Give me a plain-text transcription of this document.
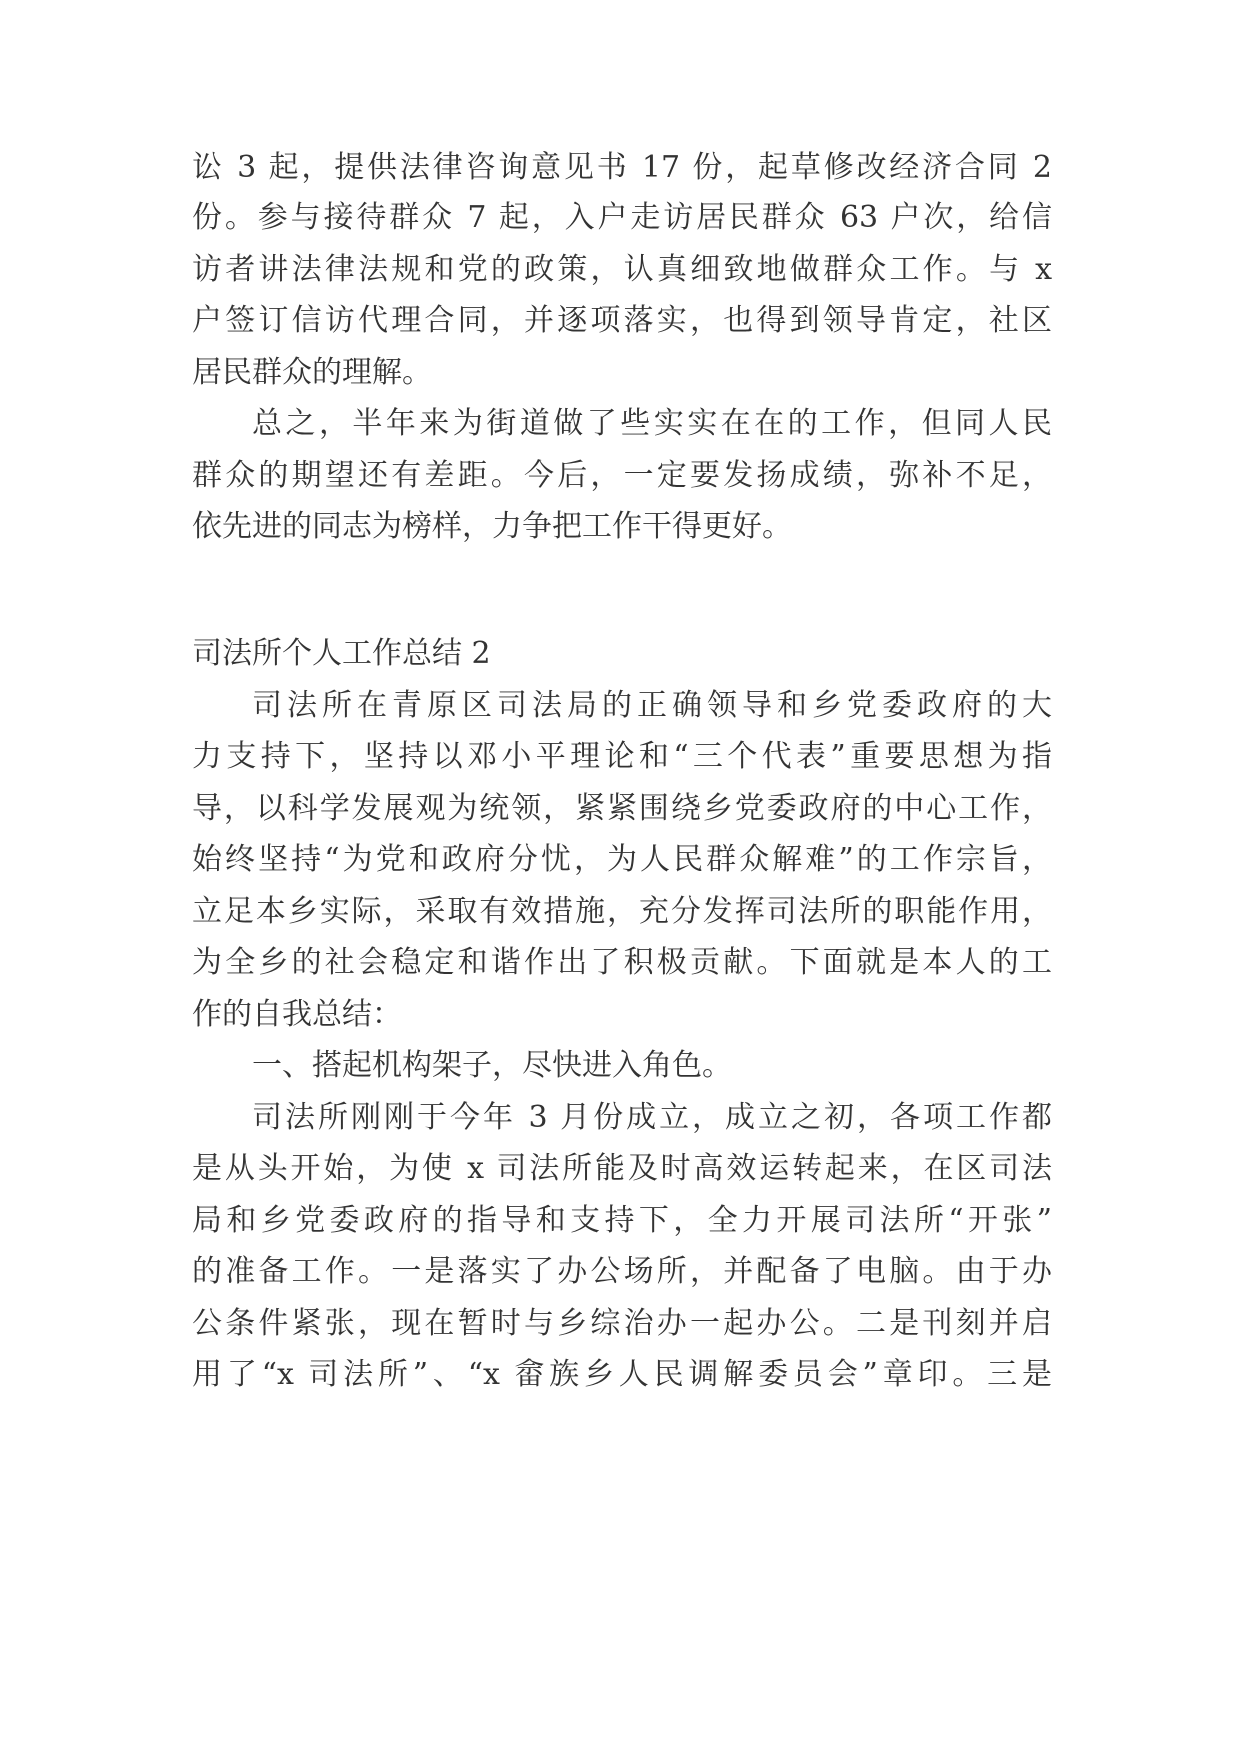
讼 3 起，提供法律咨询意见书 17 份，起草修改经济合同 2
份。参与接待群众 7 起，入户走访居民群众 63 户次，给信
访者讲法律法规和党的政策，认真细致地做群众工作。与 x
户签订信访代理合同，并逐项落实，也得到领导肯定，社区
居民群众的理解。
总之，半年来为街道做了些实实在在的工作，但同人民
群众的期望还有差距。今后，一定要发扬成绩，弥补不足，
依先进的同志为榜样，力争把工作干得更好。
司法所个人工作总结 2
司法所在青原区司法局的正确领导和乡党委政府的大
力支持下，坚持以邓小平理论和“三个代表”重要思想为指
导，以科学发展观为统领，紧紧围绕乡党委政府的中心工作，
始终坚持“为党和政府分忧，为人民群众解难”的工作宗旨，
立足本乡实际，采取有效措施，充分发挥司法所的职能作用，
为全乡的社会稳定和谐作出了积极贡献。下面就是本人的工
作的自我总结：
一、搭起机构架子，尽快进入角色。
司法所刚刚于今年 3 月份成立，成立之初，各项工作都
是从头开始，为使 x 司法所能及时高效运转起来，在区司法
局和乡党委政府的指导和支持下，全力开展司法所“开张”
的准备工作。一是落实了办公场所，并配备了电脑。由于办
公条件紧张，现在暂时与乡综治办一起办公。二是刊刻并启
用了“x 司法所”、“x 畲族乡人民调解委员会”章印。三是
